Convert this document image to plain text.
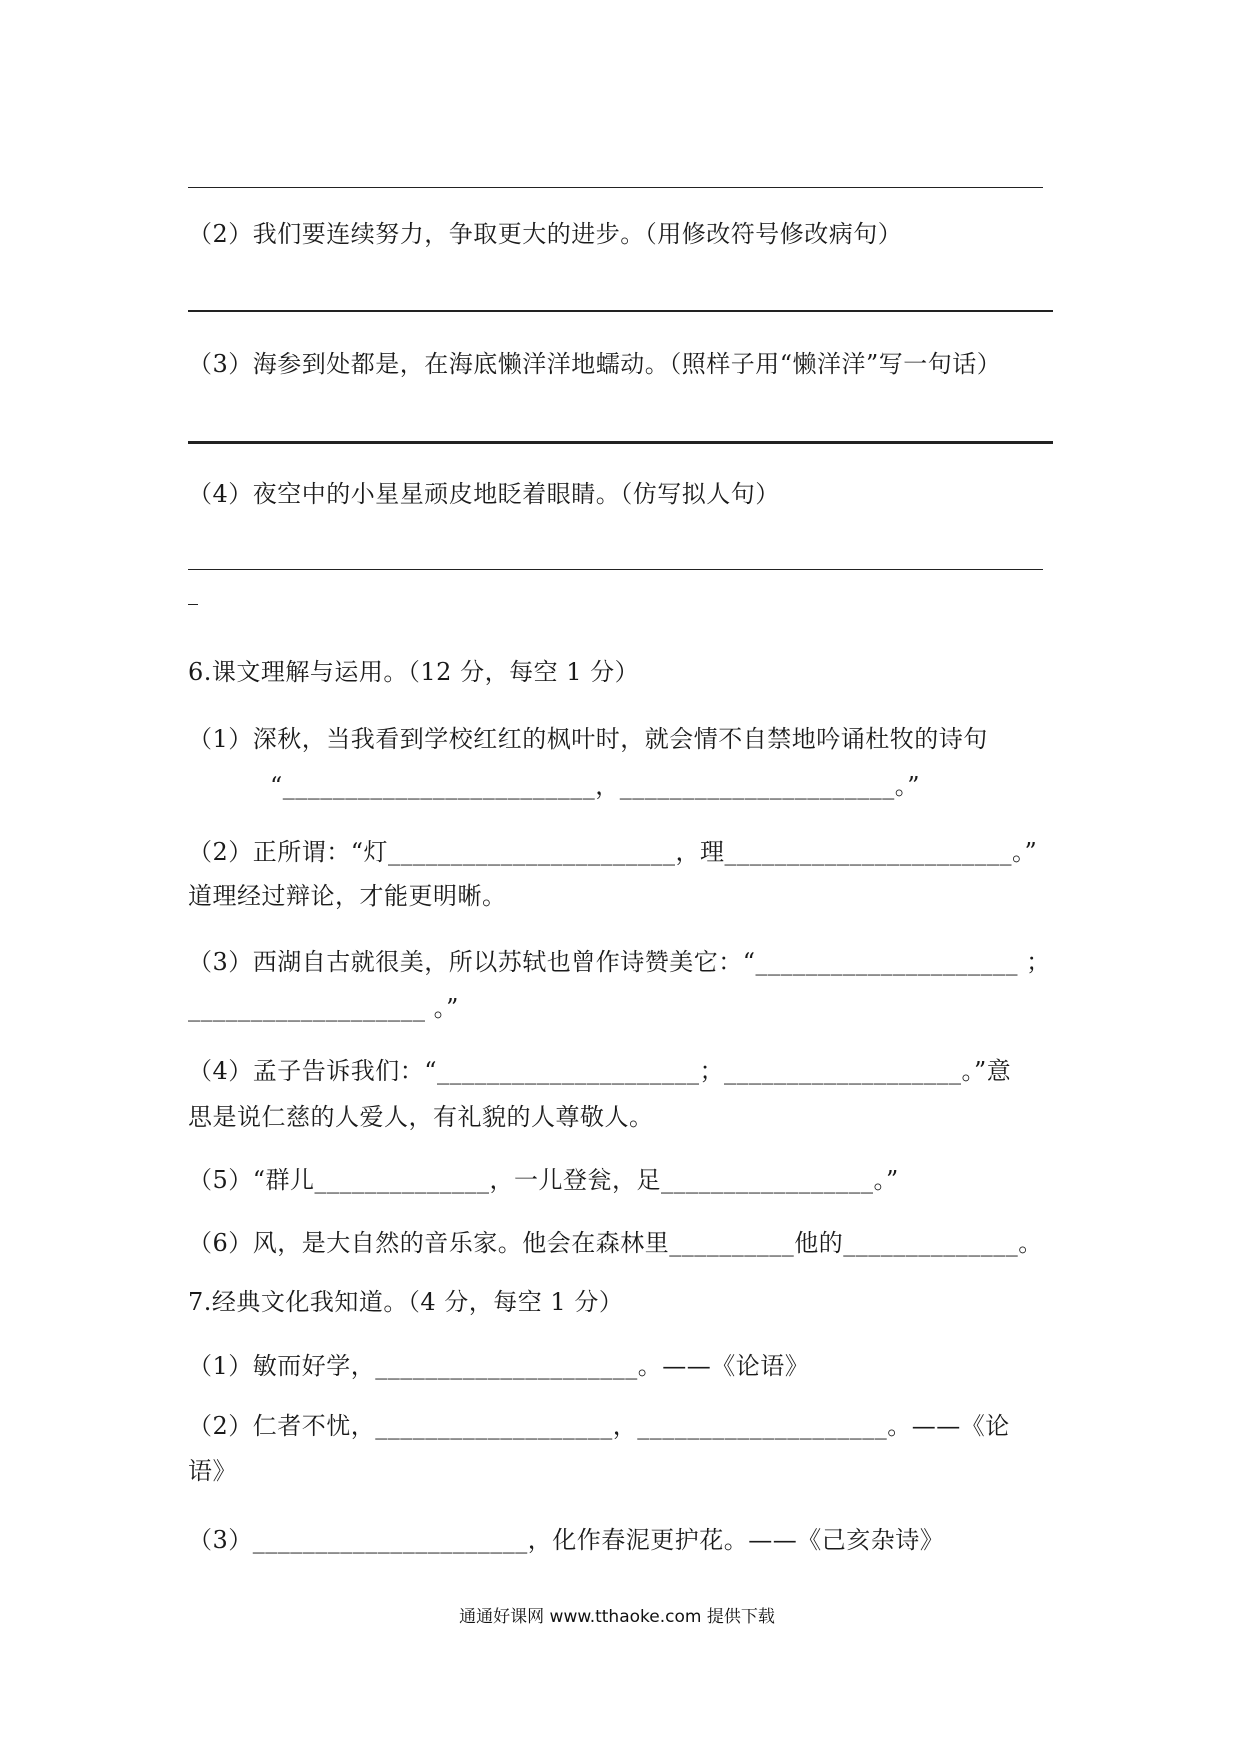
（2）我们要连续努力，争取更大的进步。（用修改符号修改病句）
（3）海参到处都是，在海底懒洋洋地蠕动。（照样子用“懒洋洋”写一句话）
（4）夜空中的小星星顽皮地眨着眼睛。（仿写拟人句）
6.课文理解与运用。（12 分，每空 1 分）
（1）深秋，当我看到学校红红的枫叶时，就会情不自禁地吟诵杜牧的诗句
“_________________________，______________________。”
（2）正所谓：“灯_______________________，理_______________________。”
道理经过辩论，才能更明晰。
（3）西湖自古就很美，所以苏轼也曾作诗赞美它：“_____________________ ；
___________________ 。”
（4）孟子告诉我们：“_____________________；___________________。”意
思是说仁慈的人爱人，有礼貌的人尊敬人。
（5）“群儿______________，一儿登瓮，足_________________。”
（6）风，是大自然的音乐家。他会在森林里__________他的______________。
7.经典文化我知道。（4 分，每空 1 分）
（1）敏而好学，_____________________。——《论语》
（2）仁者不忧，___________________，____________________。——《论
语》
（3）______________________，化作春泥更护花。——《己亥杂诗》
通通好课网 www.tthaoke.com 提供下载
